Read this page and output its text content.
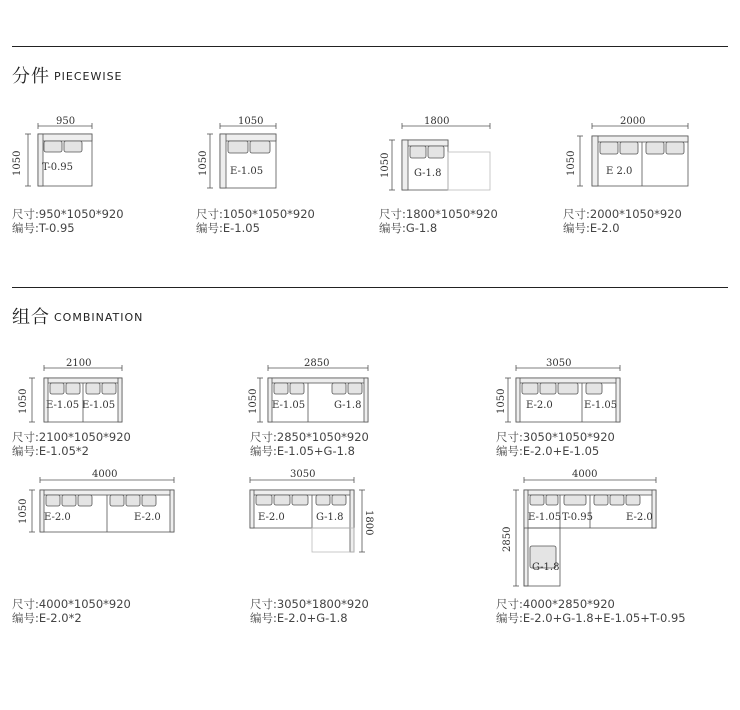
分件 PIECEWISE
950
1050 T-0.95
尺寸:950*1050*920
编号:T-0.95
1050
1050 E-1.05
尺寸:1050*1050*920
编号:E-1.05
1800
1050 G-1.8
尺寸:1800*1050*920
编号:G-1.8
2000
1050	E 2.0
尺寸:2000*1050*920
编号:E-2.0
组合 COMBINATION
2100
1050 E-1.05 E-1.05
尺寸:2100*1050*920
编号:E-1.05*2
2850
1050 E-1.05	G-1.8
尺寸:2850*1050*920
编号:E-1.05+G-1.8
3050
1050 E-2.0	E-1.05
尺寸:3050*1050*920
编号:E-2.0+E-1.05
4000
1050 E-2.0	E-2.0
尺寸:4000*1050*920
编号:E-2.0*2
3050
1800
E-2.0	G-1.8
尺寸:3050*1800*920
编号:E-2.0+G-1.8
4000
2850
E-1.05 T-0.95	E-2.0
G-1.8
尺寸:4000*2850*920
编号:E-2.0+G-1.8+E-1.05+T-0.95
